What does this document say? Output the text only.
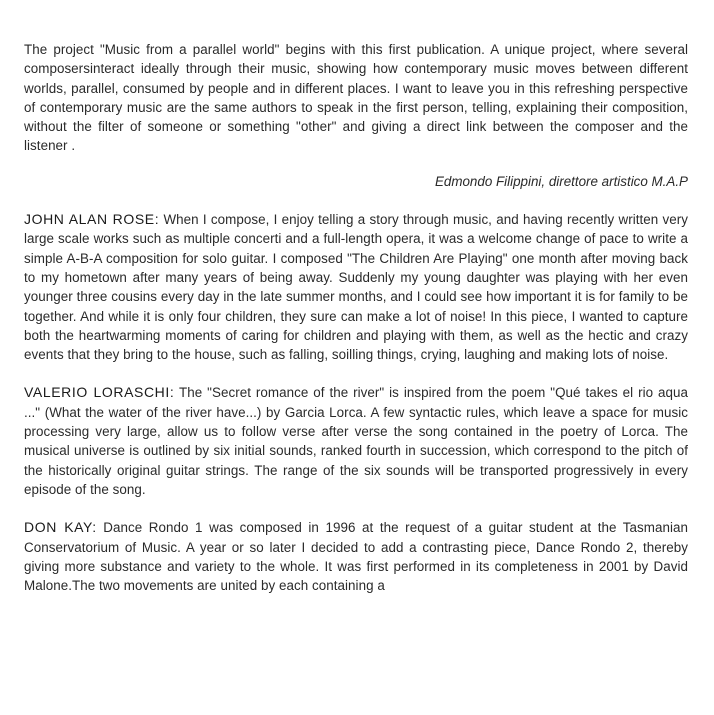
The project "Music from a parallel world" begins with this first publication. A unique project, where several composersinteract ideally through their music, showing how contemporary music moves between different worlds, parallel, consumed by people and in different places. I want to leave you in this refreshing perspective of contemporary music are the same authors to speak in the first person, telling, explaining their composition, without the filter of someone or something "other" and giving a direct link between the composer and the listener .

Edmondo Filippini, direttore artistico M.A.P

JOHN ALAN ROSE: When I compose, I enjoy telling a story through music, and having recently written very large scale works such as multiple concerti and a full-length opera, it was a welcome change of pace to write a simple A-B-A composition for solo guitar. I composed "The Children Are Playing" one month after moving back to my hometown after many years of being away. Suddenly my young daughter was playing with her even younger three cousins every day in the late summer months, and I could see how important it is for family to be together. And while it is only four children, they sure can make a lot of noise! In this piece, I wanted to capture both the heartwarming moments of caring for children and playing with them, as well as the hectic and crazy events that they bring to the house, such as falling, soilling things, crying, laughing and making lots of noise.

VALERIO LORASCHI: The "Secret romance of the river" is inspired from the poem "Qué takes el rio aqua ..." (What the water of the river have...) by Garcia Lorca. A few syntactic rules, which leave a space for music processing very large, allow us to follow verse after verse the song contained in the poetry of Lorca. The musical universe is outlined by six initial sounds, ranked fourth in succession, which correspond to the pitch of the historically original guitar strings. The range of the six sounds will be transported progressively in every episode of the song.

DON KAY: Dance Rondo 1 was composed in 1996 at the request of a guitar student at the Tasmanian Conservatorium of Music. A year or so later I decided to add a contrasting piece, Dance Rondo 2, thereby giving more substance and variety to the whole. It was first performed in its completeness in 2001 by David Malone.The two movements are united by each containing a
